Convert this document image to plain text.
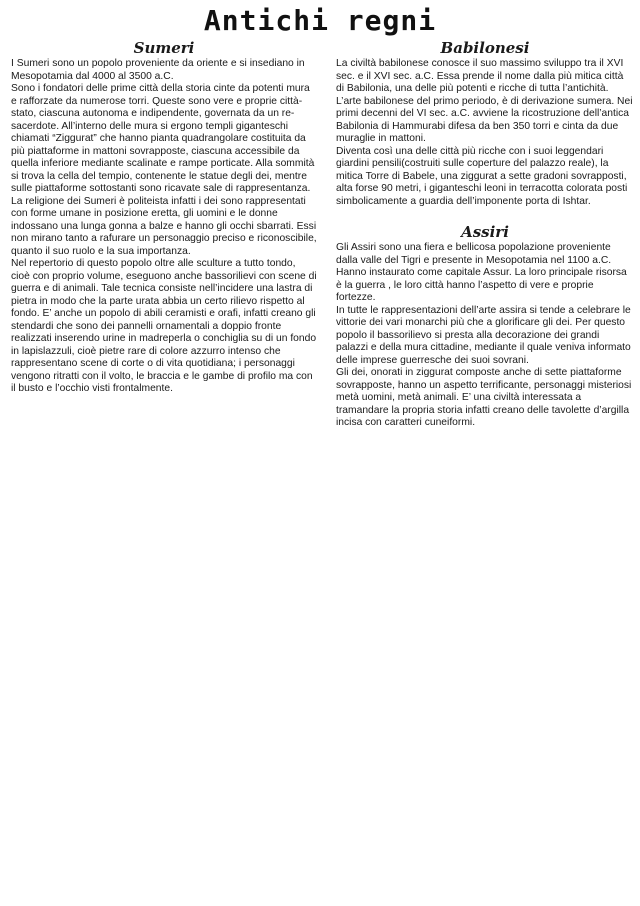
Antichi regni
Sumeri

I Sumeri sono un popolo proveniente da oriente e si insediano in Mesopotamia dal 4000 al 3500 a.C.

Sono i fondatori delle prime città della storia cinte da potenti mura e rafforzate da numerose torri. Queste sono vere e proprie città-stato, ciascuna autonoma e indipendente, governata da un re-sacerdote. All’interno delle mura si ergono templi giganteschi chiamati “Ziggurat” che hanno pianta quadrangolare costituita da più piattaforme in mattoni sovrapposte, ciascuna accessibile da quella inferiore mediante scalinate e rampe porticate. Alla sommità si trova la cella del tempio, contenente le statue degli dei, mentre sulle piattaforme sottostanti sono ricavate sale di rappresentanza.

La religione dei Sumeri è politeista infatti i dei sono rappresentati con forme umane in posizione eretta, gli uomini e le donne indossano una lunga gonna a balze e hanno gli occhi sbarrati. Essi non mirano tanto a rafurare un personaggio preciso e riconoscibile, quanto il suo ruolo e la sua importanza.

Nel repertorio di questo popolo oltre alle sculture a tutto tondo, cioè con proprio volume, eseguono anche bassorilievi con scene di guerra e di animali. Tale tecnica consiste nell’incidere una lastra di pietra in modo che la parte urata abbia un certo rilievo rispetto al fondo. E’ anche un popolo di abili ceramisti e orafi, infatti creano gli stendardi che sono dei pannelli ornamentali a doppio fronte realizzati inserendo urine in madreperla o conchiglia su di un fondo in lapislazzuli, cioè pietre rare di colore azzurro intenso che rappresentano scene di corte o di vita quotidiana; i personaggi vengono ritratti con il volto, le braccia e le gambe di profilo ma con il busto e l’occhio visti frontalmente.

Babilonesi

La civiltà babilonese conosce il suo massimo sviluppo tra il XVI sec. e il XVI sec. a.C. Essa prende il nome dalla più mitica città di Babilonia, una delle più potenti e ricche di tutta l’antichità.

L’arte babilonese del primo periodo, è di derivazione sumera. Nei primi decenni del VI sec. a.C. avviene la ricostruzione dell’antica Babilonia di Hammurabi difesa da ben 350 torri e cinta da due muraglie in mattoni.

Diventa così una delle città più ricche con i suoi leggendari giardini pensili(costruiti sulle coperture del palazzo reale), la mitica Torre di Babele, una ziggurat a sette gradoni sovrapposti, alta forse 90 metri, i giganteschi leoni in terracotta colorata posti simbolicamente a guardia dell’imponente porta di Ishtar.

Assiri

Gli Assiri sono una fiera e bellicosa popolazione proveniente dalla valle del Tigri e presente in Mesopotamia nel 1100 a.C. Hanno instaurato come capitale Assur. La loro principale risorsa è la guerra , le loro città hanno l’aspetto di vere e proprie fortezze.

In tutte le rappresentazioni dell’arte assira si tende a celebrare le vittorie dei vari monarchi più che a glorificare gli dei. Per questo popolo il bassorilievo si presta alla decorazione dei grandi palazzi e della mura cittadine, mediante il quale veniva informato delle imprese guerresche dei suoi sovrani.

Gli dei, onorati in ziggurat composte anche di sette piattaforme sovrapposte, hanno un aspetto terrificante, personaggi misteriosi metà uomini, metà animali. E’ una civiltà interessata a tramandare la propria storia infatti creano delle tavolette d’argilla incisa con caratteri cuneiformi.
